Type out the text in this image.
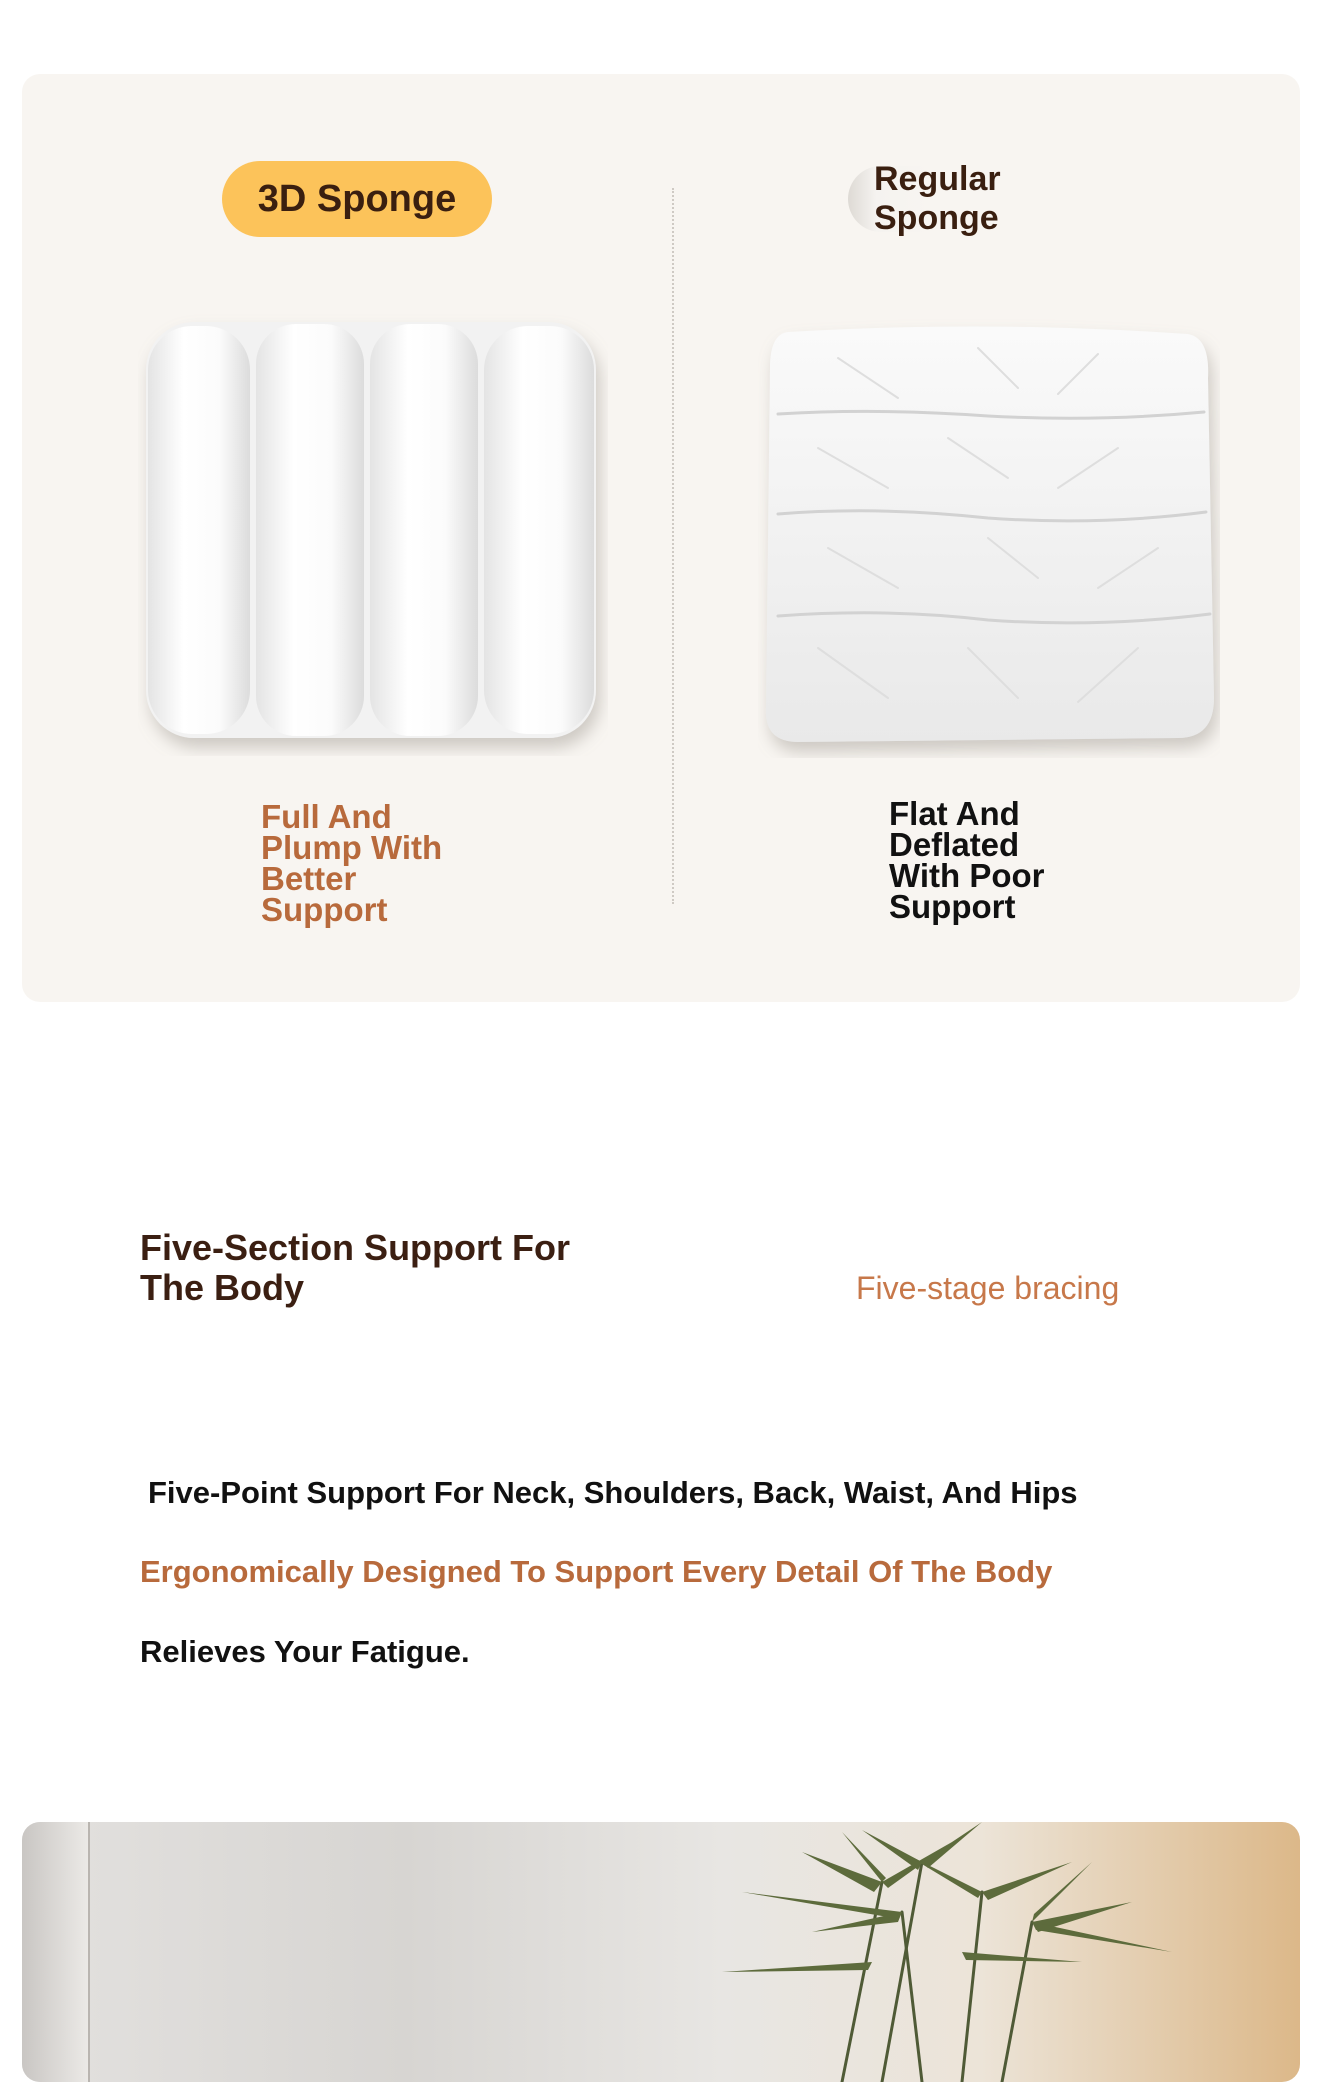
3D Sponge	Regular Sponge

Full And
Plump With
Better
Support

Flat And
Deflated
With Poor
Support

Five-Section Support For The Body	Five-stage bracing

Five-Point Support For Neck, Shoulders, Back, Waist, And Hips

Ergonomically Designed To Support Every Detail Of The Body

Relieves Your Fatigue.
